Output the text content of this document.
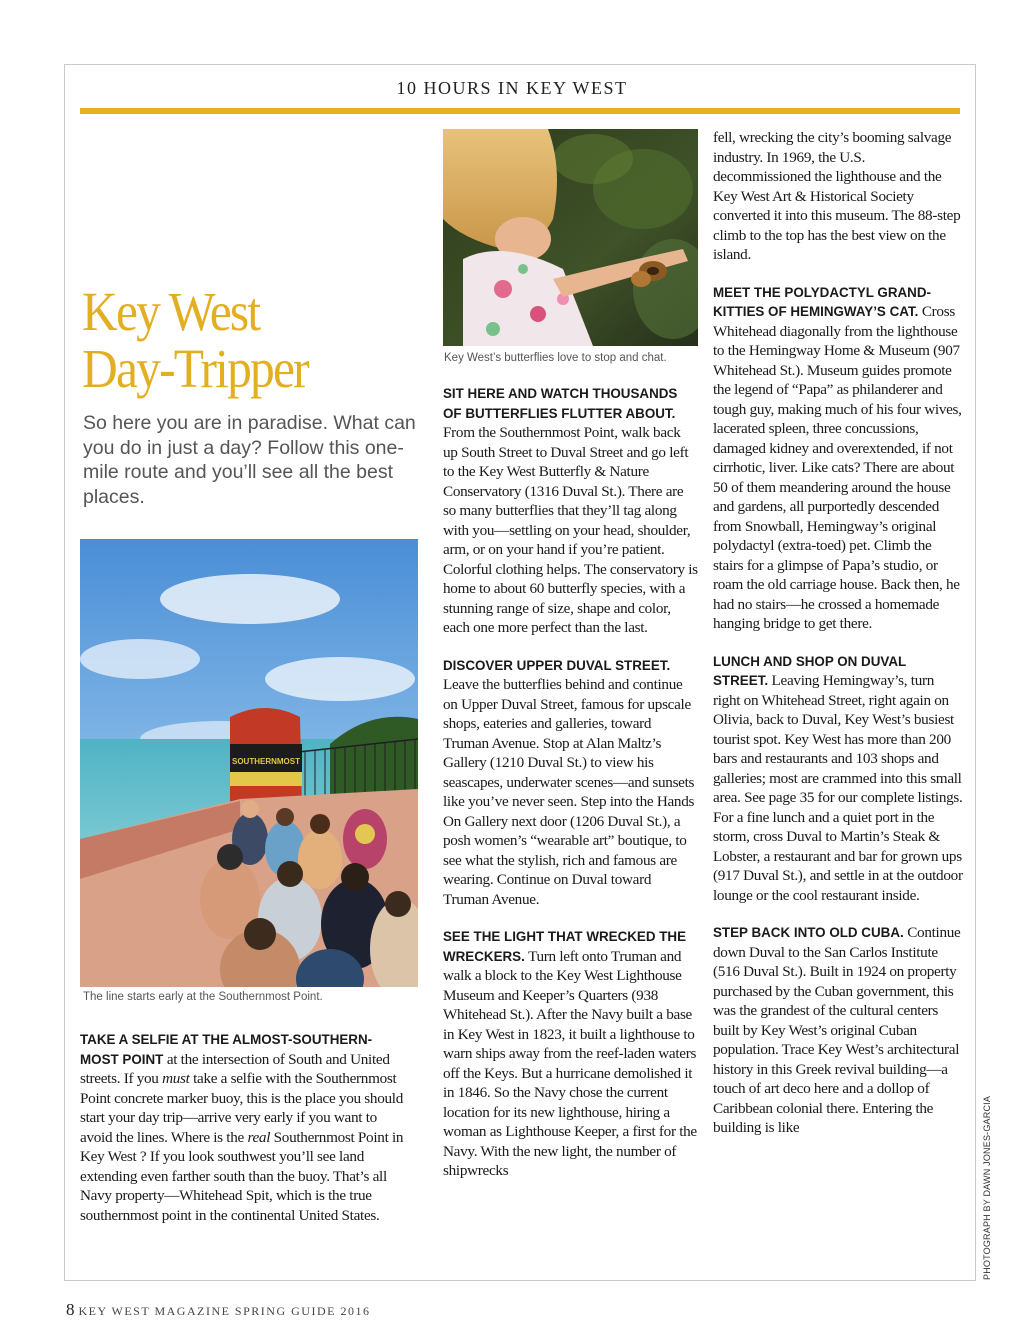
10 HOURS IN KEY WEST
Key West
Day-Tripper
So here you are in paradise. What can you do in just a day? Follow this one-mile route and you’ll see all the best places.
Key West’s butterflies love to stop and chat.
SOUTHERNMOST
The line starts early at the Southernmost Point.

TAKE A SELFIE AT THE ALMOST-SOUTHERN-MOST POINT at the intersection of South and United streets. If you must take a selfie with the Southernmost Point concrete marker buoy, this is the place you should start your day trip—arrive very early if you want to avoid the lines. Where is the real Southernmost Point in Key West ? If you look southwest you’ll see land extending even farther south than the buoy. That’s all Navy property—Whitehead Spit, which is the true southernmost point in the continental United States.

SIT HERE AND WATCH THOUSANDS OF BUTTERFLIES FLUTTER ABOUT. From the Southernmost Point, walk back up South Street to Duval Street and go left to the Key West Butterfly & Nature Conservatory (1316 Duval St.). There are so many butterflies that they’ll tag along with you—settling on your head, shoulder, arm, or on your hand if you’re patient. Colorful clothing helps. The conservatory is home to about 60 butterfly species, with a stunning range of size, shape and color, each one more perfect than the last.

DISCOVER UPPER DUVAL STREET. Leave the butterflies behind and continue on Upper Duval Street, famous for upscale shops, eateries and galleries, toward Truman Avenue. Stop at Alan Maltz’s Gallery (1210 Duval St.) to view his seascapes, underwater scenes—and sunsets like you’ve never seen. Step into the Hands On Gallery next door (1206 Duval St.), a posh women’s “wearable art” boutique, to see what the stylish, rich and famous are wearing. Continue on Duval toward Truman Avenue.

SEE THE LIGHT THAT WRECKED THE WRECKERS. Turn left onto Truman and walk a block to the Key West Lighthouse Museum and Keeper’s Quarters (938 Whitehead St.). After the Navy built a base in Key West in 1823, it built a lighthouse to warn ships away from the reef-laden waters off the Keys. But a hurricane demolished it in 1846. So the Navy chose the current location for its new lighthouse, hiring a woman as Lighthouse Keeper, a first for the Navy. With the new light, the number of shipwrecks

fell, wrecking the city’s booming salvage industry. In 1969, the U.S. decommissioned the lighthouse and the Key West Art & Historical Society converted it into this museum. The 88-step climb to the top has the best view on the island.

MEET THE POLYDACTYL GRAND-KITTIES OF HEMINGWAY’S CAT. Cross Whitehead diagonally from the lighthouse to the Hemingway Home & Museum (907 Whitehead St.). Museum guides promote the legend of “Papa” as philanderer and tough guy, making much of his four wives, lacerated spleen, three concussions, damaged kidney and overextended, if not cirrhotic, liver. Like cats? There are about 50 of them meandering around the house and gardens, all purportedly descended from Snowball, Hemingway’s original polydactyl (extra-toed) pet. Climb the stairs for a glimpse of Papa’s studio, or roam the old carriage house. Back then, he had no stairs—he crossed a homemade hanging bridge to get there.

LUNCH AND SHOP ON DUVAL STREET. Leaving Hemingway’s, turn right on Whitehead Street, right again on Olivia, back to Duval, Key West’s busiest tourist spot. Key West has more than 200 bars and restaurants and 103 shops and galleries; most are crammed into this small area. See page 35 for our complete listings. For a fine lunch and a quiet port in the storm, cross Duval to Martin’s Steak & Lobster, a restaurant and bar for grown ups (917 Duval St.), and settle in at the outdoor lounge or the cool restaurant inside.

STEP BACK INTO OLD CUBA. Continue down Duval to the San Carlos Institute (516 Duval St.). Built in 1924 on property purchased by the Cuban government, this was the grandest of the cultural centers built by Key West’s original Cuban population. Trace Key West’s architectural history in this Greek revival building—a touch of art deco here and a dollop of Caribbean colonial there. Entering the building is like

8 KEY WEST MAGAZINE SPRING GUIDE 2016
PHOTOGRAPH BY DAWN JONES-GARCIA
